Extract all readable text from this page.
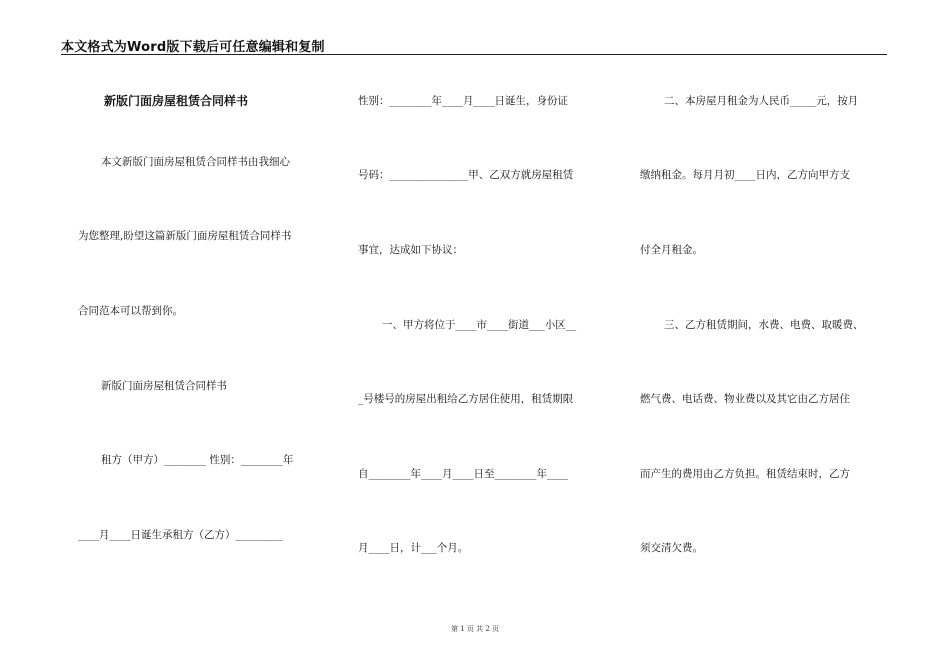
本文格式为Word版下载后可任意编辑和复制
新版门面房屋租赁合同样书
本文新版门面房屋租赁合同样书由我细心
为您整理,盼望这篇新版门面房屋租赁合同样书
合同范本可以帮到你。
新版门面房屋租赁合同样书
租方（甲方）________ 性别：________年
____月____日诞生承租方（乙方）_________
性别：________年____月____日诞生，身份证
号码：_______________甲、乙双方就房屋租赁
事宜，达成如下协议：
一、甲方将位于____市____街道___小区__
_号楼号的房屋出租给乙方居住使用，租赁期限
自________年____月____日至________年____
月____日，计___个月。
二、本房屋月租金为人民币_____元，按月
缴纳租金。每月月初____日内，乙方向甲方支
付全月租金。
三、乙方租赁期间，水费、电费、取暖费、
燃气费、电话费、物业费以及其它由乙方居住
而产生的费用由乙方负担。租赁结束时，乙方
须交清欠费。
第 1 页 共 2 页
